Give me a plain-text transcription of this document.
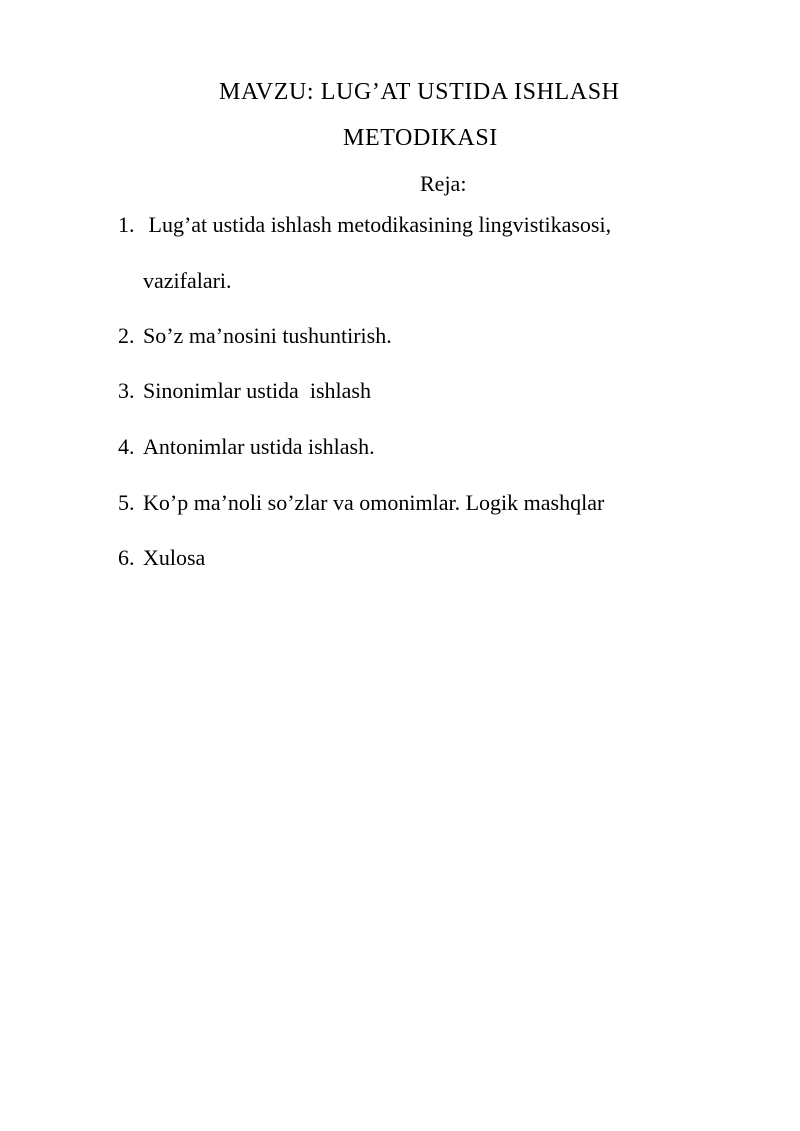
MAVZU: LUG’AT USTIDA ISHLASH
METODIKASI
Reja:
1. Lug’at ustida ishlash metodikasining lingvistikasosi,
vazifalari.
2. So’z ma’nosini tushuntirish.
3. Sinonimlar ustida  ishlash
4. Antonimlar ustida ishlash.
5. Ko’p ma’noli so’zlar va omonimlar. Logik mashqlar
6. Xulosa
